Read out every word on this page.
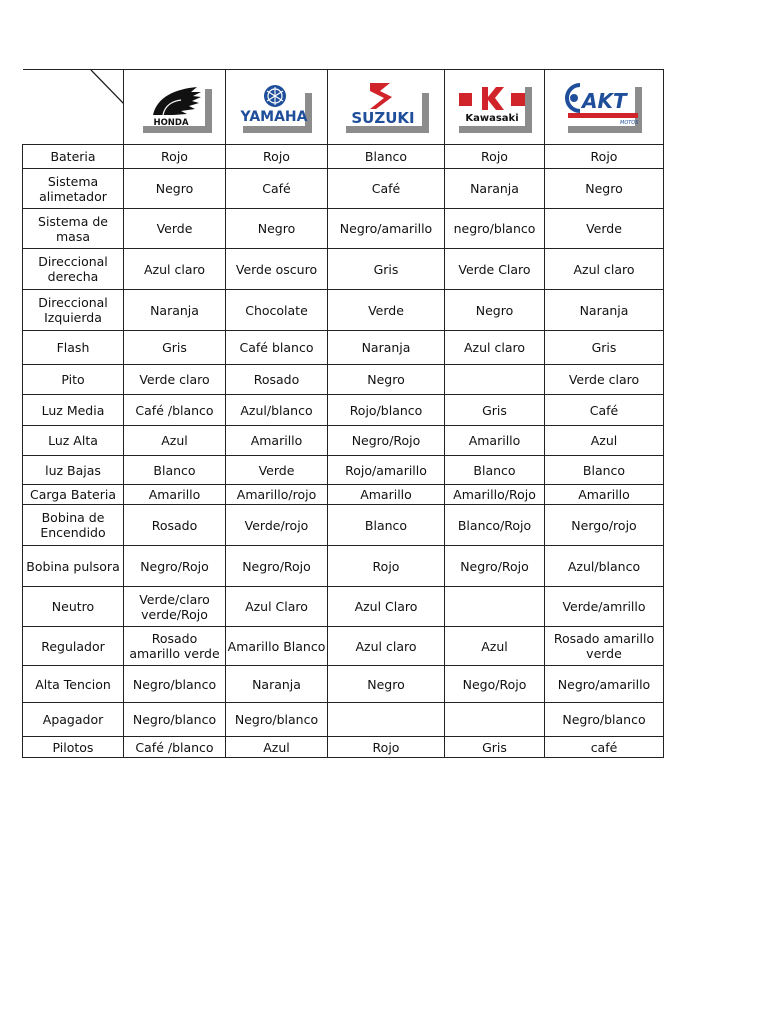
HONDA	YAMAHA	SUZUKI	Kawasaki	AKT
MOTOS

Bateria	Rojo	Rojo	Blanco	Rojo	Rojo
Sistema alimetador	Negro	Café	Café	Naranja	Negro
Sistema de masa	Verde	Negro	Negro/amarillo	negro/blanco	Verde
Direccional derecha	Azul claro	Verde oscuro	Gris	Verde Claro	Azul claro
Direccional Izquierda	Naranja	Chocolate	Verde	Negro	Naranja
Flash	Gris	Café blanco	Naranja	Azul claro	Gris
Pito	Verde claro	Rosado	Negro		Verde claro
Luz Media	Café /blanco	Azul/blanco	Rojo/blanco	Gris	Café
Luz Alta	Azul	Amarillo	Negro/Rojo	Amarillo	Azul
luz Bajas	Blanco	Verde	Rojo/amarillo	Blanco	Blanco
Carga Bateria	Amarillo	Amarillo/rojo	Amarillo	Amarillo/Rojo	Amarillo
Bobina de Encendido	Rosado	Verde/rojo	Blanco	Blanco/Rojo	Nergo/rojo
Bobina pulsora	Negro/Rojo	Negro/Rojo	Rojo	Negro/Rojo	Azul/blanco
Neutro	Verde/claro verde/Rojo	Azul Claro	Azul Claro		Verde/amrillo
Regulador	Rosado amarillo verde	Amarillo Blanco	Azul claro	Azul	Rosado amarillo verde
Alta Tencion	Negro/blanco	Naranja	Negro	Nego/Rojo	Negro/amarillo
Apagador	Negro/blanco	Negro/blanco			Negro/blanco
Pilotos	Café /blanco	Azul	Rojo	Gris	café
